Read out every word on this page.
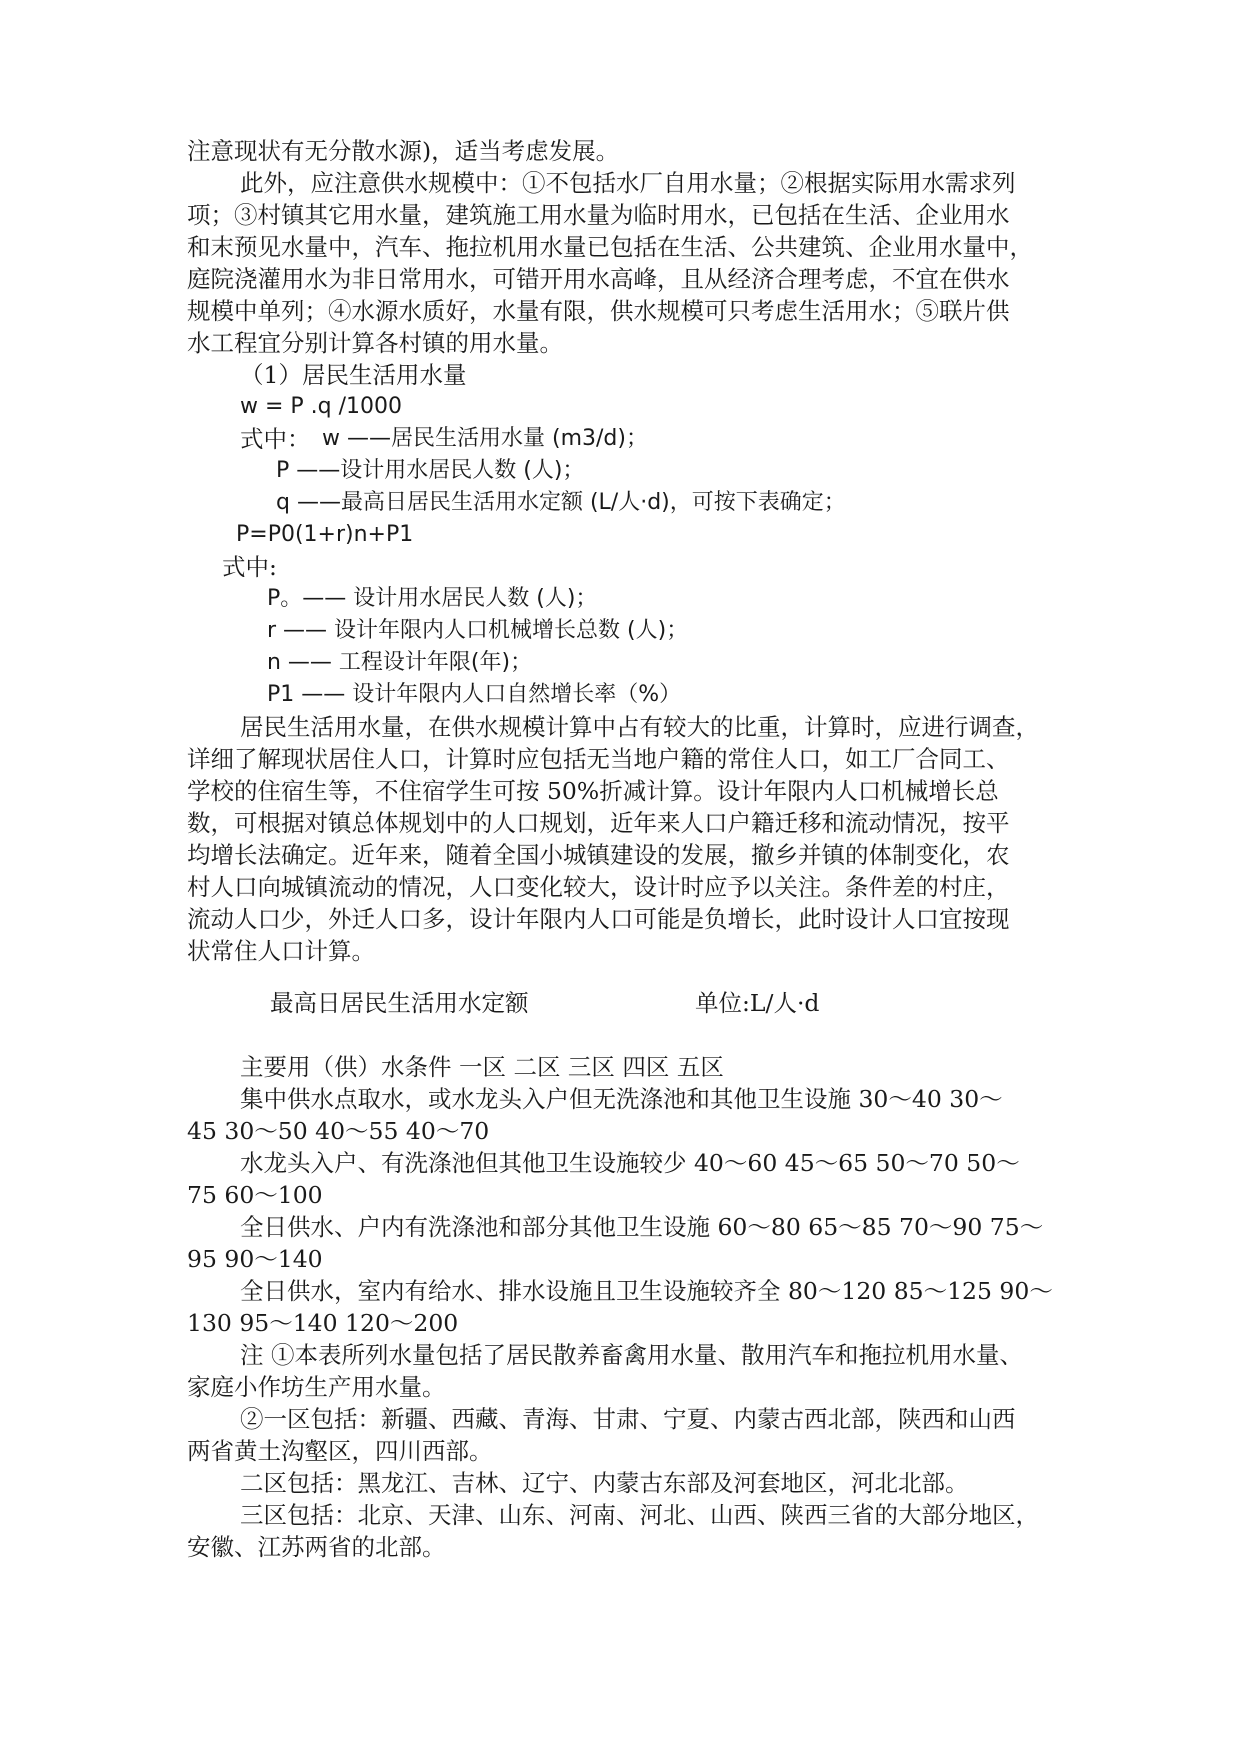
注意现状有无分散水源)，适当考虑发展。
此外，应注意供水规模中：①不包括水厂自用水量；②根据实际用水需求列
项；③村镇其它用水量，建筑施工用水量为临时用水，已包括在生活、企业用水
和末预见水量中，汽车、拖拉机用水量已包括在生活、公共建筑、企业用水量中，
庭院浇灌用水为非日常用水，可错开用水高峰，且从经济合理考虑，不宜在供水
规模中单列；④水源水质好，水量有限，供水规模可只考虑生活用水；⑤联片供
水工程宜分别计算各村镇的用水量。
（1）居民生活用水量
w = P .q /1000
式中： w ——居民生活用水量 (m3/d)；
P ——设计用水居民人数 (人)；
q ——最高日居民生活用水定额 (L/人·d)，可按下表确定；
P=P0(1+r)n+P1
式中:
P。—— 设计用水居民人数 (人)；
r —— 设计年限内人口机械增长总数 (人)；
n —— 工程设计年限(年)；
P1 —— 设计年限内人口自然增长率（%）
居民生活用水量，在供水规模计算中占有较大的比重，计算时，应进行调查，
详细了解现状居住人口，计算时应包括无当地户籍的常住人口，如工厂合同工、
学校的住宿生等，不住宿学生可按 50%折减计算。设计年限内人口机械增长总
数，可根据对镇总体规划中的人口规划，近年来人口户籍迁移和流动情况，按平
均增长法确定。近年来，随着全国小城镇建设的发展，撤乡并镇的体制变化，农
村人口向城镇流动的情况，人口变化较大，设计时应予以关注。条件差的村庄，
流动人口少，外迁人口多，设计年限内人口可能是负增长，此时设计人口宜按现
状常住人口计算。
最高日居民生活用水定额	单位:L/人·d
主要用（供）水条件 一区 二区 三区 四区 五区
集中供水点取水，或水龙头入户但无洗涤池和其他卫生设施 30～40 30～
45 30～50 40～55 40～70
水龙头入户、有洗涤池但其他卫生设施较少 40～60 45～65 50～70 50～
75 60～100
全日供水、户内有洗涤池和部分其他卫生设施 60～80 65～85 70～90 75～
95 90～140
全日供水，室内有给水、排水设施且卫生设施较齐全 80～120 85～125 90～
130 95～140 120～200
注 ①本表所列水量包括了居民散养畜禽用水量、散用汽车和拖拉机用水量、
家庭小作坊生产用水量。
②一区包括：新疆、西藏、青海、甘肃、宁夏、内蒙古西北部，陕西和山西
两省黄土沟壑区，四川西部。
二区包括：黑龙江、吉林、辽宁、内蒙古东部及河套地区，河北北部。
三区包括：北京、天津、山东、河南、河北、山西、陕西三省的大部分地区，
安徽、江苏两省的北部。
